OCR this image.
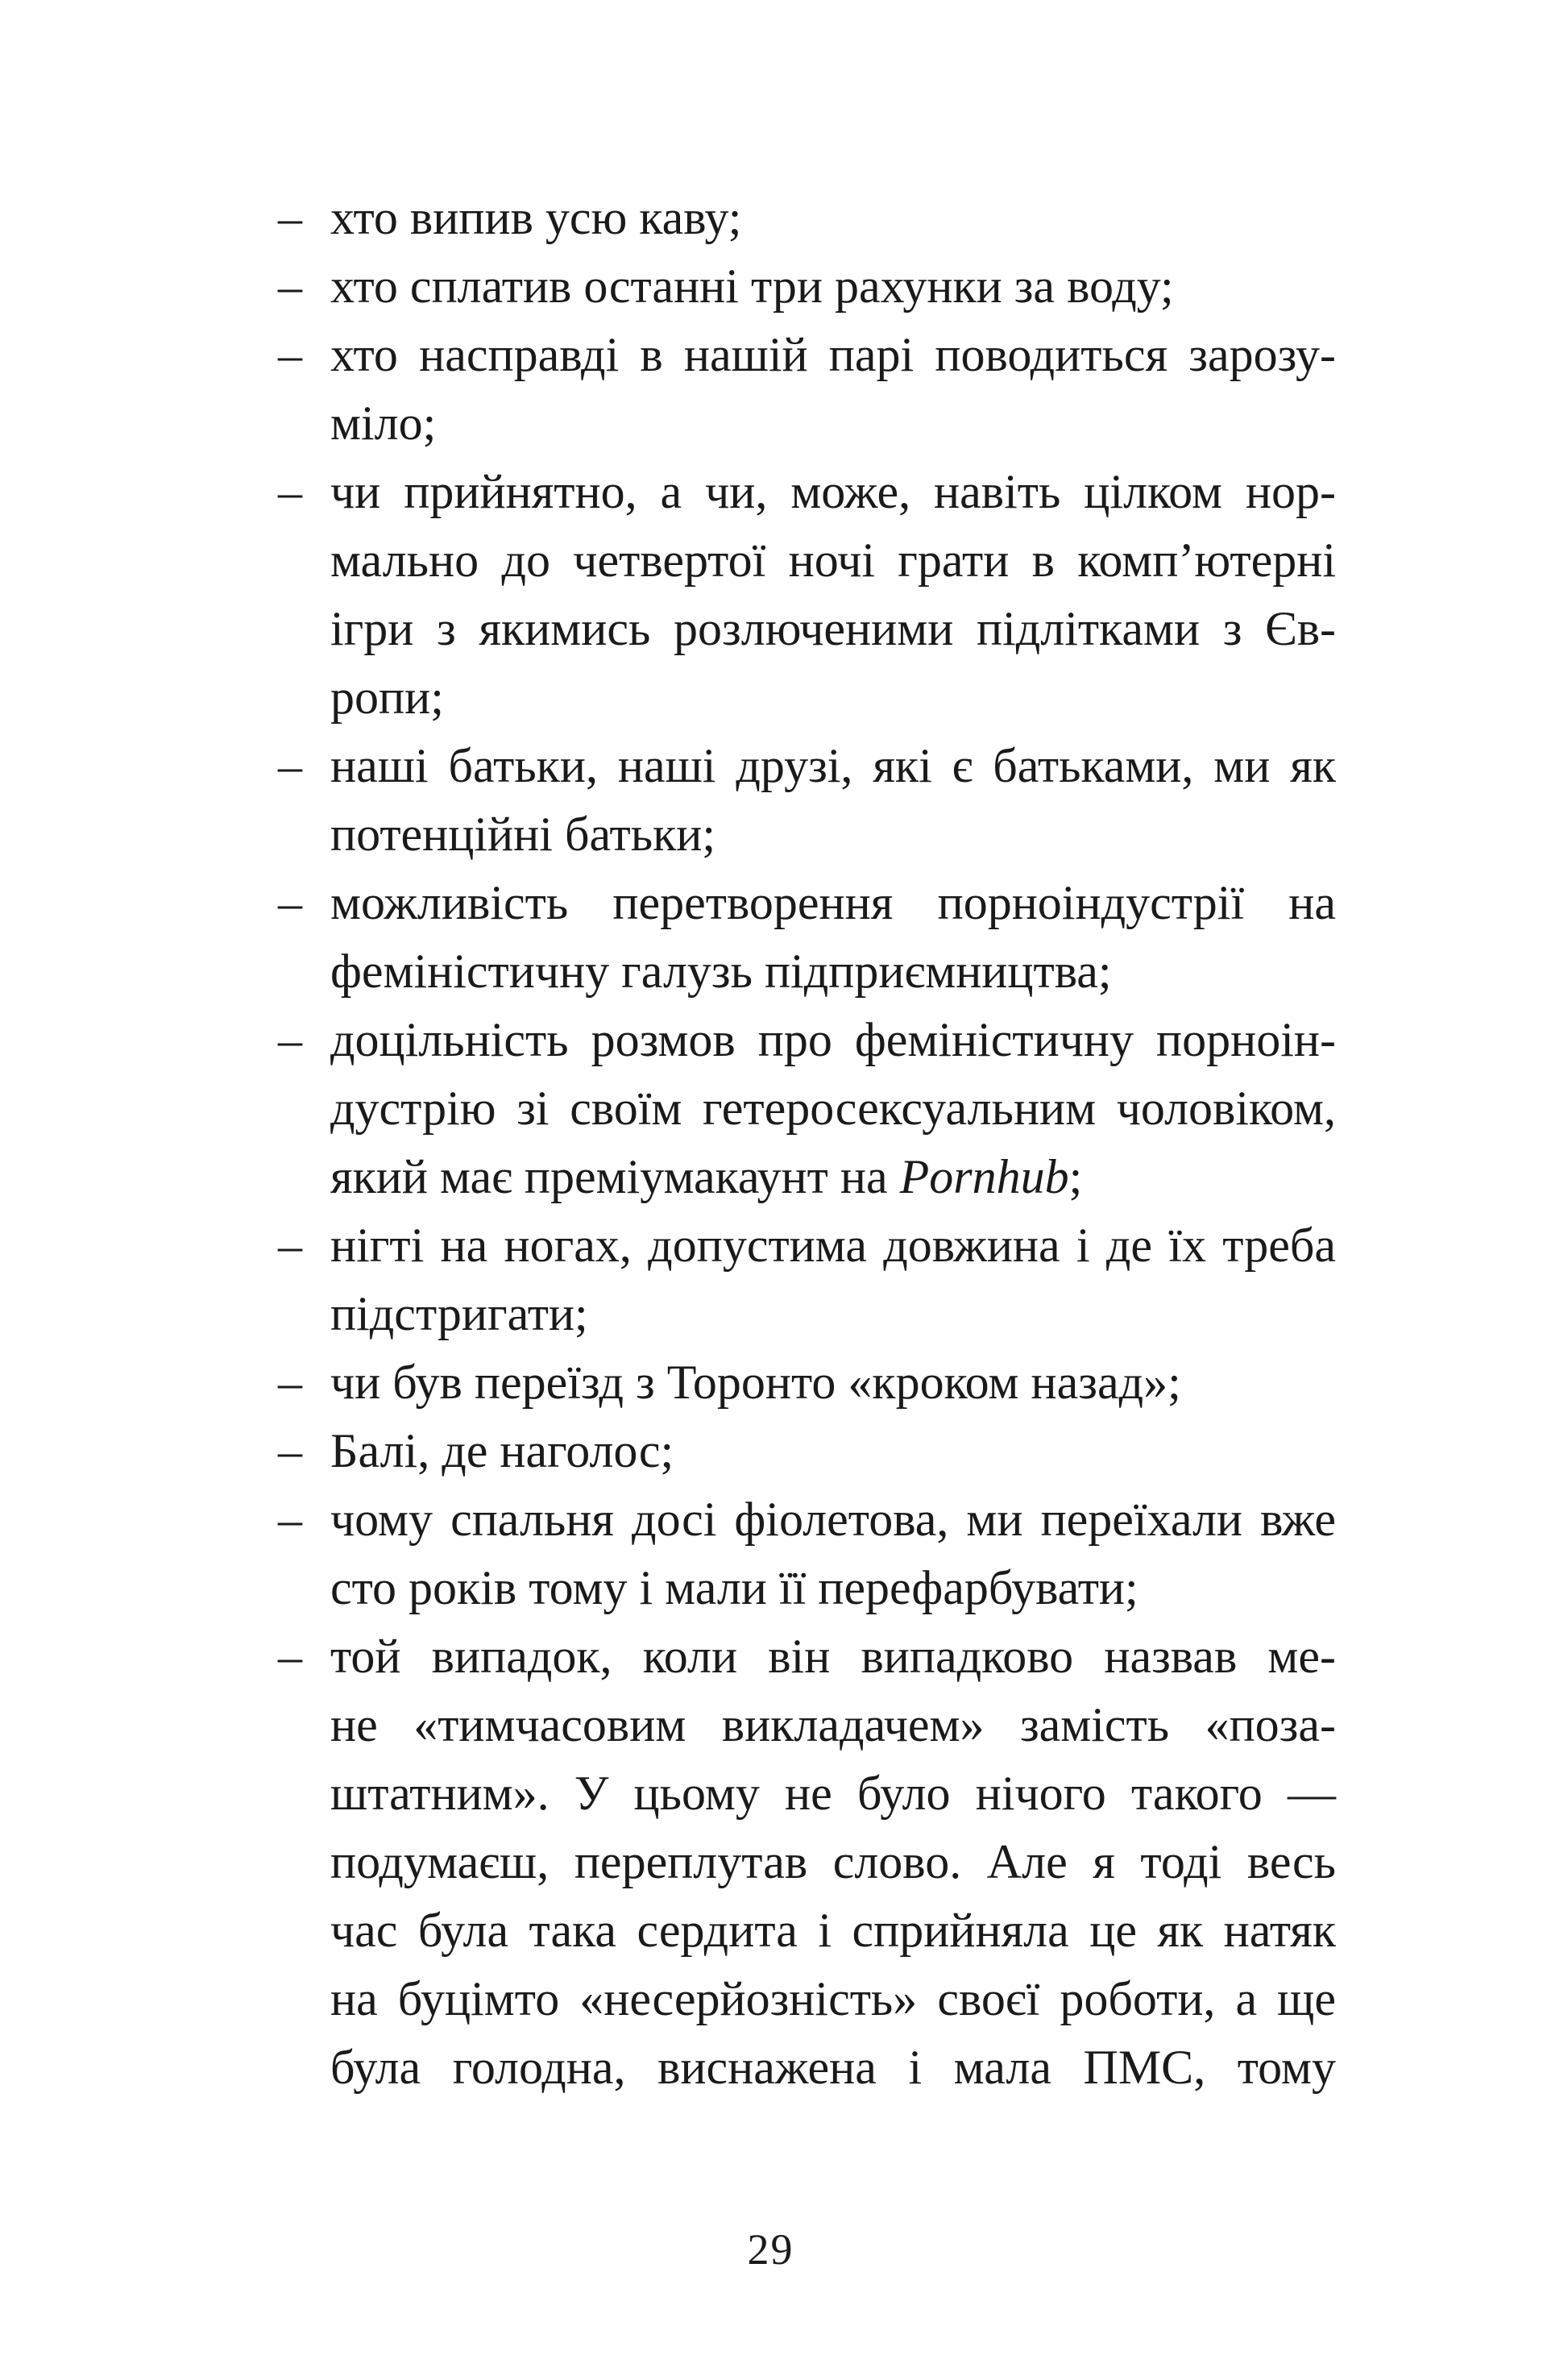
– хто випив усю каву;
– хто сплатив останні три рахунки за воду;
– хто насправді в нашій парі поводиться зарозу-
міло;
– чи прийнятно, а чи, може, навіть цілком нор-
мально до четвертої ночі грати в компʼютерні
ігри з якимись розлюченими підлітками з Єв-
ропи;
– наші батьки, наші друзі, які є батьками, ми як
потенційні батьки;
– можливість перетворення порноіндустрії на
феміністичну галузь підприємництва;
– доцільність розмов про феміністичну порноін-
дустрію зі своїм гетеросексуальним чоловіком,
який має преміумакаунт на Pornhub;
– нігті на ногах, допустима довжина і де їх треба
підстригати;
– чи був переїзд з Торонто «кроком назад»;
– Балі, де наголос;
– чому спальня досі фіолетова, ми переїхали вже
сто років тому і мали її перефарбувати;
– той випадок, коли він випадково назвав ме-
не «тимчасовим викладачем» замість «поза-
штатним». У цьому не було нічого такого —
подумаєш, переплутав слово. Але я тоді весь
час була така сердита і сприйняла це як натяк
на буцімто «несерйозність» своєї роботи, а ще
була голодна, виснажена і мала ПМС, тому
29
